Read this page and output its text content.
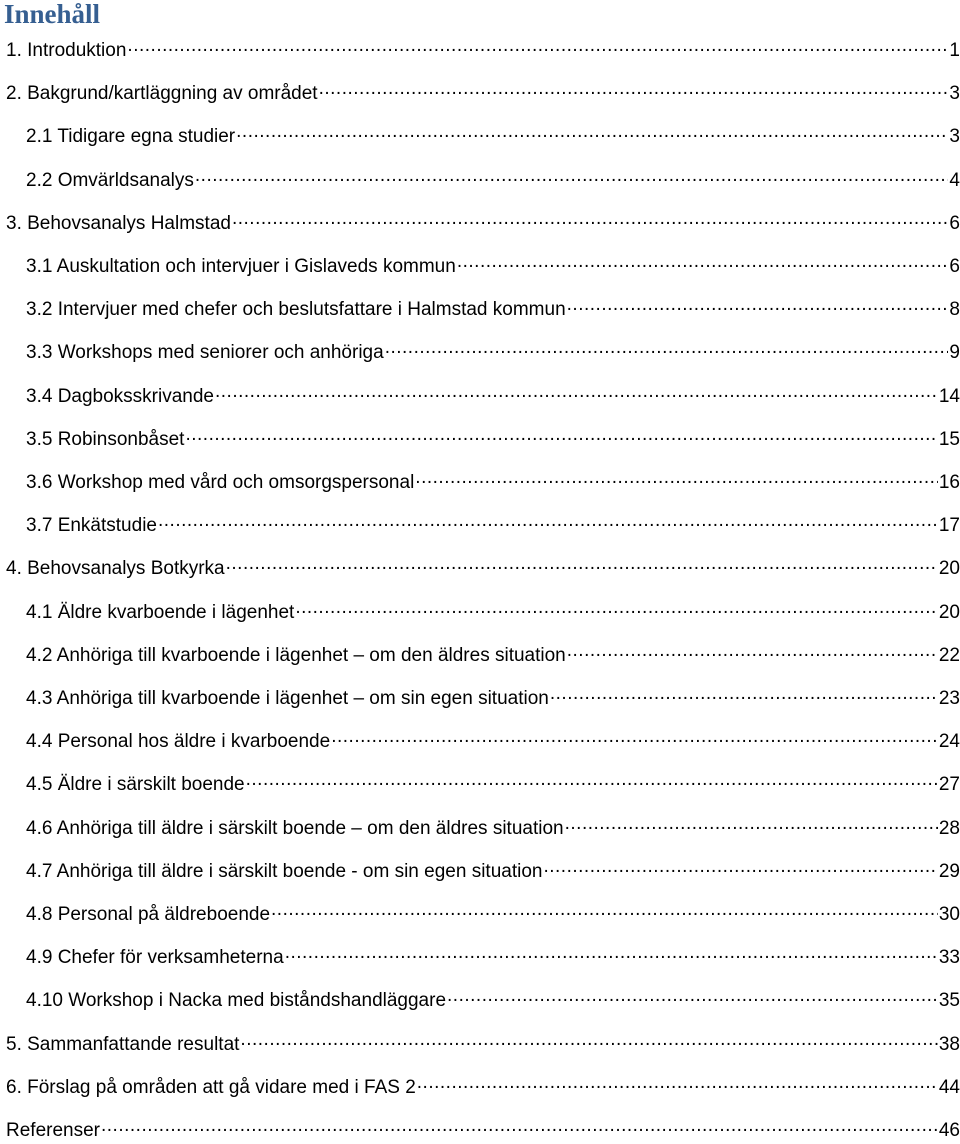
Innehåll
1. Introduktion .....	1
2. Bakgrund/kartläggning av området .....	3
2.1 Tidigare egna studier .....	3
2.2 Omvärldsanalys .....	4
3. Behovsanalys Halmstad .....	6
3.1 Auskultation och intervjuer i Gislaveds kommun .....	6
3.2 Intervjuer med chefer och beslutsfattare i Halmstad kommun .....	8
3.3 Workshops med seniorer och anhöriga .....	9
3.4 Dagboksskrivande .....	14
3.5 Robinsonbåset .....	15
3.6 Workshop med vård och omsorgspersonal .....	16
3.7 Enkätstudie .....	17
4. Behovsanalys Botkyrka .....	20
4.1 Äldre kvarboende i lägenhet .....	20
4.2 Anhöriga till kvarboende i lägenhet – om den äldres situation .....	22
4.3 Anhöriga till kvarboende i lägenhet – om sin egen situation .....	23
4.4 Personal hos äldre i kvarboende .....	24
4.5 Äldre i särskilt boende .....	27
4.6 Anhöriga till äldre i särskilt boende – om den äldres situation .....	28
4.7 Anhöriga till äldre i särskilt boende - om sin egen situation .....	29
4.8 Personal på äldreboende .....	30
4.9 Chefer för verksamheterna .....	33
4.10 Workshop i Nacka med biståndshandläggare .....	35
5. Sammanfattande resultat .....	38
6. Förslag på områden att gå vidare med i FAS 2 .....	44
Referenser .....	46
